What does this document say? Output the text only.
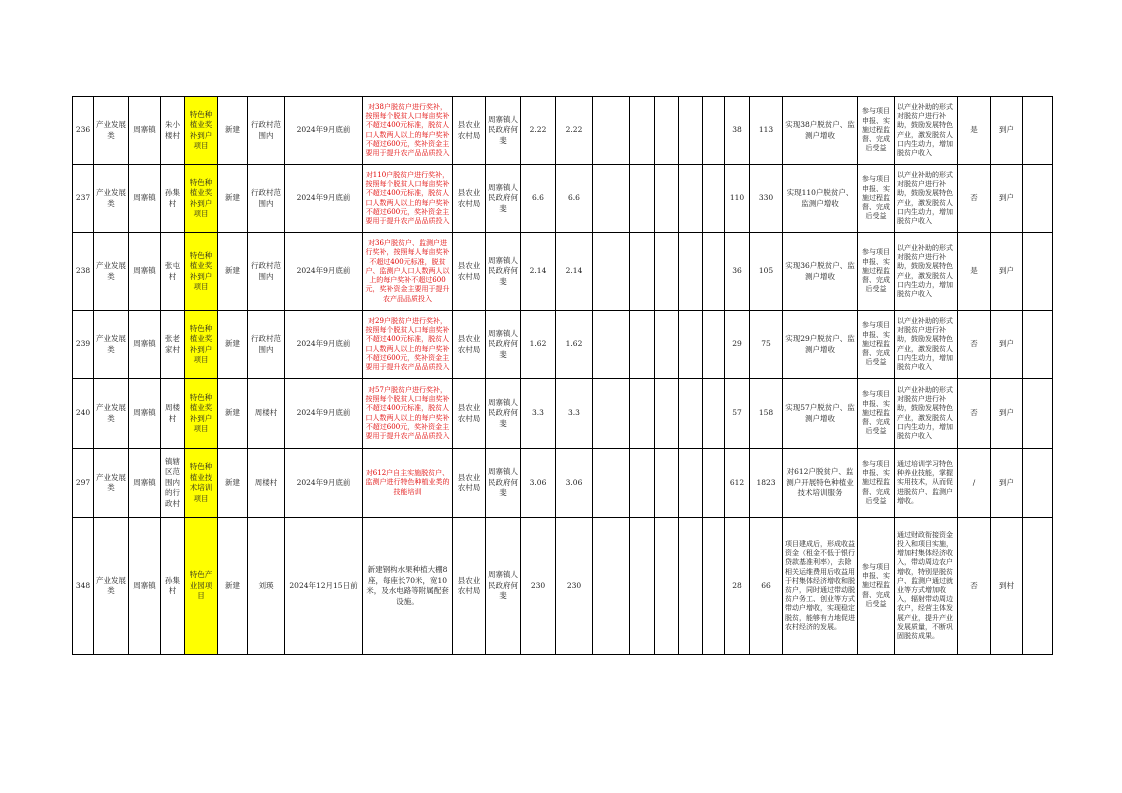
236	产业发展类	周寨镇	朱小楼村	特色种植业奖补到户项目	新建	行政村范围内	2024年9月底前	对38户脱贫户进行奖补，按照每个脱贫人口每亩奖补不超过400元标准，脱贫人口人数两人以上的每户奖补不超过600元，奖补资金主要用于提升农产品品质投入	县农业农村局	周寨镇人民政府何斐	2.22	2.22						38	113	实现38户脱贫户、监测户增收	参与项目申报、实施过程监督、完成后受益	以产业补助的形式对脱贫户进行补助，鼓励发展特色产业，激发脱贫人口内生动力，增加脱贫户收入	是	到户	
237	产业发展类	周寨镇	孙集村	特色种植业奖补到户项目	新建	行政村范围内	2024年9月底前	对110户脱贫户进行奖补，按照每个脱贫人口每亩奖补不超过400元标准，脱贫人口人数两人以上的每户奖补不超过600元，奖补资金主要用于提升农产品品质投入	县农业农村局	周寨镇人民政府何斐	6.6	6.6						110	330	实现110户脱贫户、监测户增收	参与项目申报、实施过程监督、完成后受益	以产业补助的形式对脱贫户进行补助，鼓励发展特色产业，激发脱贫人口内生动力，增加脱贫户收入	否	到户	
238	产业发展类	周寨镇	张屯村	特色种植业奖补到户项目	新建	行政村范围内	2024年9月底前	对36户脱贫户、监测户进行奖补，按照每人每亩奖补不超过400元标准，脱贫户、监测户人口人数两人以上的每户奖补不超过600元，奖补资金主要用于提升农产品品质投入	县农业农村局	周寨镇人民政府何斐	2.14	2.14						36	105	实现36户脱贫户、监测户增收	参与项目申报、实施过程监督、完成后受益	以产业补助的形式对脱贫户进行补助，鼓励发展特色产业，激发脱贫人口内生动力，增加脱贫户收入	是	到户	
239	产业发展类	周寨镇	张老家村	特色种植业奖补到户项目	新建	行政村范围内	2024年9月底前	对29户脱贫户进行奖补，按照每个脱贫人口每亩奖补不超过400元标准，脱贫人口人数两人以上的每户奖补不超过600元，奖补资金主要用于提升农产品品质投入	县农业农村局	周寨镇人民政府何斐	1.62	1.62						29	75	实现29户脱贫户、监测户增收	参与项目申报、实施过程监督、完成后受益	以产业补助的形式对脱贫户进行补助，鼓励发展特色产业，激发脱贫人口内生动力，增加脱贫户收入	否	到户	
240	产业发展类	周寨镇	周楼村	特色种植业奖补到户项目	新建	周楼村	2024年9月底前	对57户脱贫户进行奖补，按照每个脱贫人口每亩奖补不超过400元标准，脱贫人口人数两人以上的每户奖补不超过600元，奖补资金主要用于提升农产品品质投入	县农业农村局	周寨镇人民政府何斐	3.3	3.3						57	158	实现57户脱贫户、监测户增收	参与项目申报、实施过程监督、完成后受益	以产业补助的形式对脱贫户进行补助，鼓励发展特色产业，激发脱贫人口内生动力，增加脱贫户收入	否	到户	
297	产业发展类	周寨镇	镇辖区范围内的行政村	特色种植业技术培训项目	新建	周楼村	2024年9月底前	对612户自主实施脱贫户、监测户进行特色种植业类的技能培训	县农业农村局	周寨镇人民政府何斐	3.06	3.06						612	1823	对612户脱贫户、监测户开展特色种植业技术培训服务	参与项目申报、实施过程监督、完成后受益	通过培训学习特色种养业技能，掌握实用技术，从而促进脱贫户、监测户增收。	/	到户	
348	产业发展类	周寨镇	孙集村	特色产业园项目	新建	刘瑛	2024年12月15日前	新建钢构水果种植大棚8座，每座长70米，宽10米，及水电路等附属配套设施。	县农业农村局	周寨镇人民政府何斐	230	230						28	66	项目建成后，形成收益资金（租金不低于银行贷款基准利率），去除相关运维费用后收益用于村集体经济增收和脱贫户，同时通过带动脱贫户务工、创业等方式带动户增收，实现稳定脱贫，能够有力地促进农村经济的发展。	参与项目申报、实施过程监督、完成后受益	通过财政衔接资金投入和项目实施，增加村集体经济收入，带动周边农户增收，特别是脱贫户、监测户通过就业等方式增加收入，辐射带动周边农户，经营主体发展产业，提升产业发展质量，不断巩固脱贫成果。	否	到村	
